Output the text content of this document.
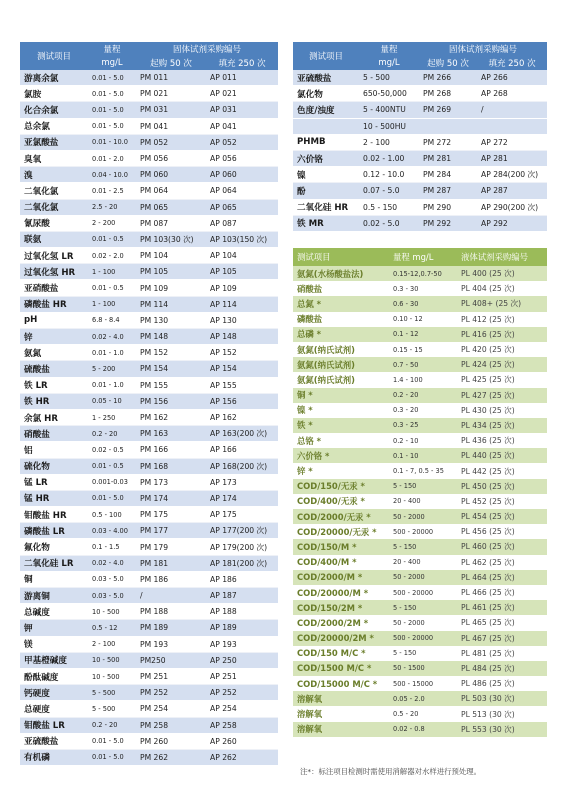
测试项目	量程	固体试剂采购编号	
	mg/L	起购 50 次	填充 250 次
游离余氯	0.01 - 5.0	PM 011	AP 011
氯胺	0.01 - 5.0	PM 021	AP 021
化合余氯	0.01 - 5.0	PM 031	AP 031
总余氯	0.01 - 5.0	PM 041	AP 041
亚氯酸盐	0.01 - 10.0	PM 052	AP 052
臭氧	0.01 - 2.0	PM 056	AP 056
溴	0.04 - 10.0	PM 060	AP 060
二氧化氯	0.01 - 2.5	PM 064	AP 064
二氧化氯	2.5 - 20	PM 065	AP 065
氰尿酸	2 - 200	PM 087	AP 087
联氨	0.01 - 0.5	PM 103(30 次)	AP 103(150 次)
过氧化氢 LR	0.02 - 2.0	PM 104	AP 104
过氧化氢 HR	1 - 100	PM 105	AP 105
亚硝酸盐	0.01 - 0.5	PM 109	AP 109
磷酸盐 HR	1 - 100	PM 114	AP 114
pH	6.8 - 8.4	PM 130	AP 130
锌	0.02 - 4.0	PM 148	AP 148
氨氮	0.01 - 1.0	PM 152	AP 152
硫酸盐	5 - 200	PM 154	AP 154
铁 LR	0.01 - 1.0	PM 155	AP 155
铁 HR	0.05 - 10	PM 156	AP 156
余氯 HR	1 - 250	PM 162	AP 162
硝酸盐	0.2 - 20	PM 163	AP 163(200 次)
铝	0.02 - 0.5	PM 166	AP 166
硫化物	0.01 - 0.5	PM 168	AP 168(200 次)
锰 LR	0.001-0.03	PM 173	AP 173
锰 HR	0.01 - 5.0	PM 174	AP 174
钼酸盐 HR	0.5 - 100	PM 175	AP 175
磷酸盐 LR	0.03 - 4.00	PM 177	AP 177(200 次)
氟化物	0.1 - 1.5	PM 179	AP 179(200 次)
二氧化硅 LR	0.02 - 4.0	PM 181	AP 181(200 次)
铜	0.03 - 5.0	PM 186	AP 186
游离铜	0.03 - 5.0	/	AP 187
总碱度	10 - 500	PM 188	AP 188
钾	0.5 - 12	PM 189	AP 189
镁	2 - 100	PM 193	AP 193
甲基橙碱度	10 - 500	PM250	AP 250
酚酞碱度	10 - 500	PM 251	AP 251
钙硬度	5 - 500	PM 252	AP 252
总硬度	5 - 500	PM 254	AP 254
钼酸盐 LR	0.2 - 20	PM 258	AP 258
亚硫酸盐	0.01 - 5.0	PM 260	AP 260
有机磷	0.01 - 5.0	PM 262	AP 262
测试项目	量程	固体试剂采购编号	
	mg/L	起购 50 次	填充 250 次
亚硫酸盐	5 - 500	PM 266	AP 266
氯化物	650-50,000	PM 268	AP 268
色度/浊度	5 - 400NTU	PM 269	/
	10 - 500HU		
PHMB	2 - 100	PM 272	AP 272
六价铬	0.02 - 1.00	PM 281	AP 281
镍	0.12 - 10.0	PM 284	AP 284(200 次)
酚	0.07 - 5.0	PM 287	AP 287
二氧化硅 HR	0.5 - 150	PM 290	AP 290(200 次)
铁 MR	0.02 - 5.0	PM 292	AP 292
测试项目	量程 mg/L	液体试剂采购编号
氨氮(水杨酸盐法)	0.15-12,0.7-50	PL 400 (25 次)
硝酸盐	0.3 - 30	PL 404 (25 次)
总氮 *	0.6 - 30	PL 408+ (25 次)
磷酸盐	0.10 - 12	PL 412 (25 次)
总磷 *	0.1 - 12	PL 416 (25 次)
氨氮(纳氏试剂)	0.15 - 15	PL 420 (25 次)
氨氮(纳氏试剂)	0.7 - 50	PL 424 (25 次)
氨氮(纳氏试剂)	1.4 - 100	PL 425 (25 次)
铜 *	0.2 - 20	PL 427 (25 次)
镍 *	0.3 - 20	PL 430 (25 次)
铁 *	0.3 - 25	PL 434 (25 次)
总铬 *	0.2 - 10	PL 436 (25 次)
六价铬 *	0.1 - 10	PL 440 (25 次)
锌 *	0.1 - 7, 0.5 - 35	PL 442 (25 次)
COD/150/无汞 *	5 - 150	PL 450 (25 次)
COD/400/无汞 *	20 - 400	PL 452 (25 次)
COD/2000/无汞 *	50 - 2000	PL 454 (25 次)
COD/20000/无汞 *	500 - 20000	PL 456 (25 次)
COD/150/M *	5 - 150	PL 460 (25 次)
COD/400/M *	20 - 400	PL 462 (25 次)
COD/2000/M *	50 - 2000	PL 464 (25 次)
COD/20000/M *	500 - 20000	PL 466 (25 次)
COD/150/2M *	5 - 150	PL 461 (25 次)
COD/2000/2M *	50 - 2000	PL 465 (25 次)
COD/20000/2M *	500 - 20000	PL 467 (25 次)
COD/150 M/C *	5 - 150	PL 481 (25 次)
COD/1500 M/C *	50 - 1500	PL 484 (25 次)
COD/15000 M/C *	500 - 15000	PL 486 (25 次)
溶解氧	0.05 - 2.0	PL 503 (30 次)
溶解氧	0.5 - 20	PL 513 (30 次)
溶解氧	0.02 - 0.8	PL 553 (30 次)
注*：标注项目检测时需使用消解器对水样进行预处理。
